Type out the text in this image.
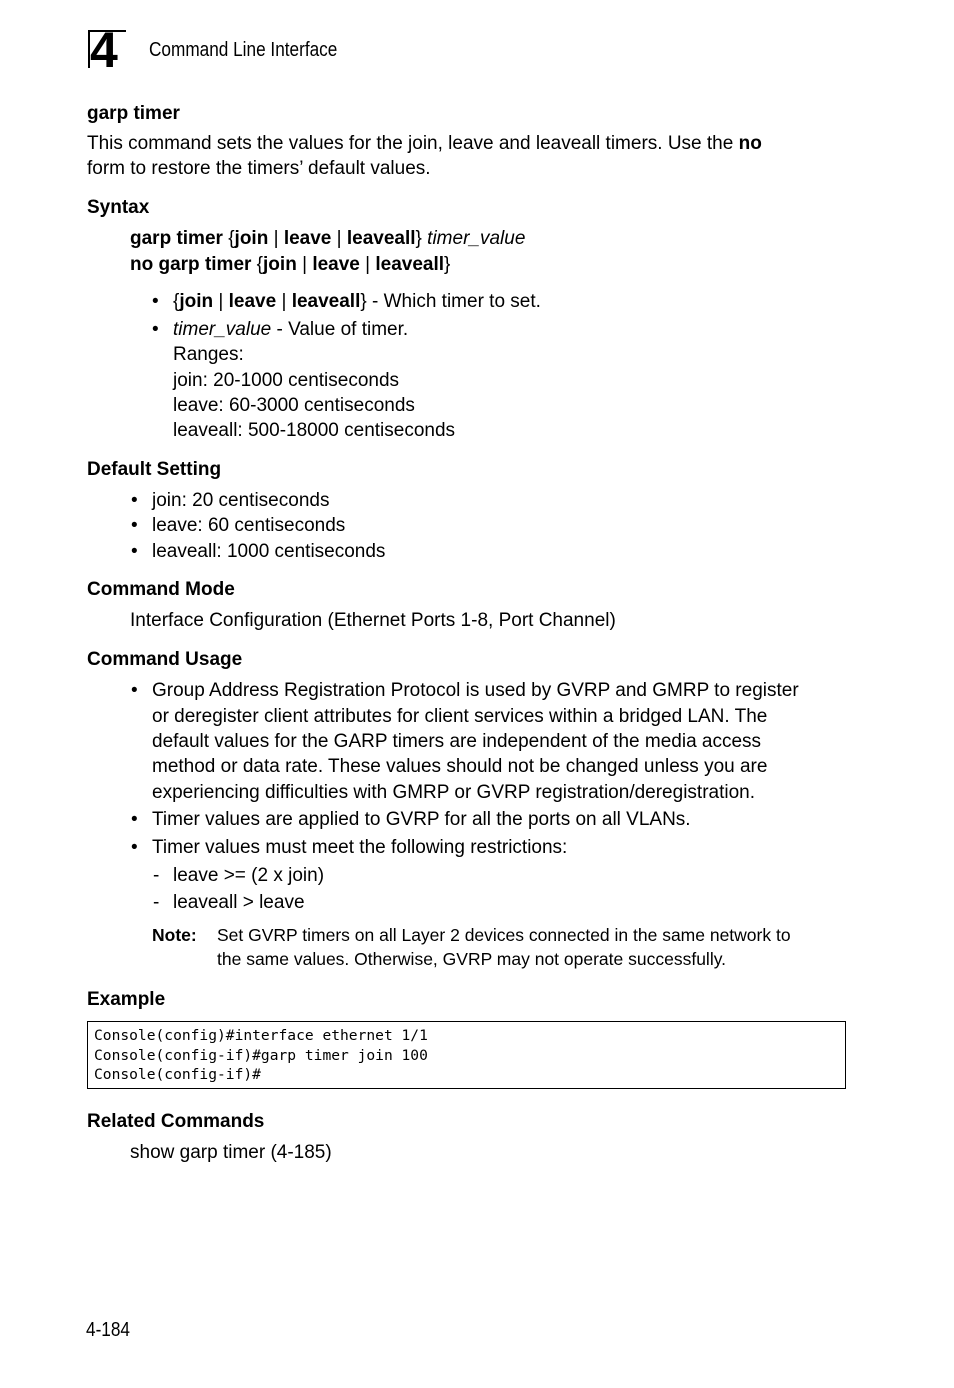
4 Command Line Interface
garp timer
This command sets the values for the join, leave and leaveall timers. Use the no
form to restore the timers’ default values.
Syntax
garp timer {join | leave | leaveall} timer_value
no garp timer {join | leave | leaveall}
• {join | leave | leaveall} - Which timer to set.
• timer_value - Value of timer.
Ranges:
join: 20-1000 centiseconds
leave: 60-3000 centiseconds
leaveall: 500-18000 centiseconds
Default Setting
• join: 20 centiseconds
• leave: 60 centiseconds
• leaveall: 1000 centiseconds
Command Mode
Interface Configuration (Ethernet Ports 1-8, Port Channel)
Command Usage
• Group Address Registration Protocol is used by GVRP and GMRP to register
or deregister client attributes for client services within a bridged LAN. The
default values for the GARP timers are independent of the media access
method or data rate. These values should not be changed unless you are
experiencing difficulties with GMRP or GVRP registration/deregistration.
• Timer values are applied to GVRP for all the ports on all VLANs.
• Timer values must meet the following restrictions:
- leave >= (2 x join)
- leaveall > leave
Note: Set GVRP timers on all Layer 2 devices connected in the same network to
the same values. Otherwise, GVRP may not operate successfully.
Example
Console(config)#interface ethernet 1/1
Console(config-if)#garp timer join 100
Console(config-if)#
Related Commands
show garp timer (4-185)
4-184
